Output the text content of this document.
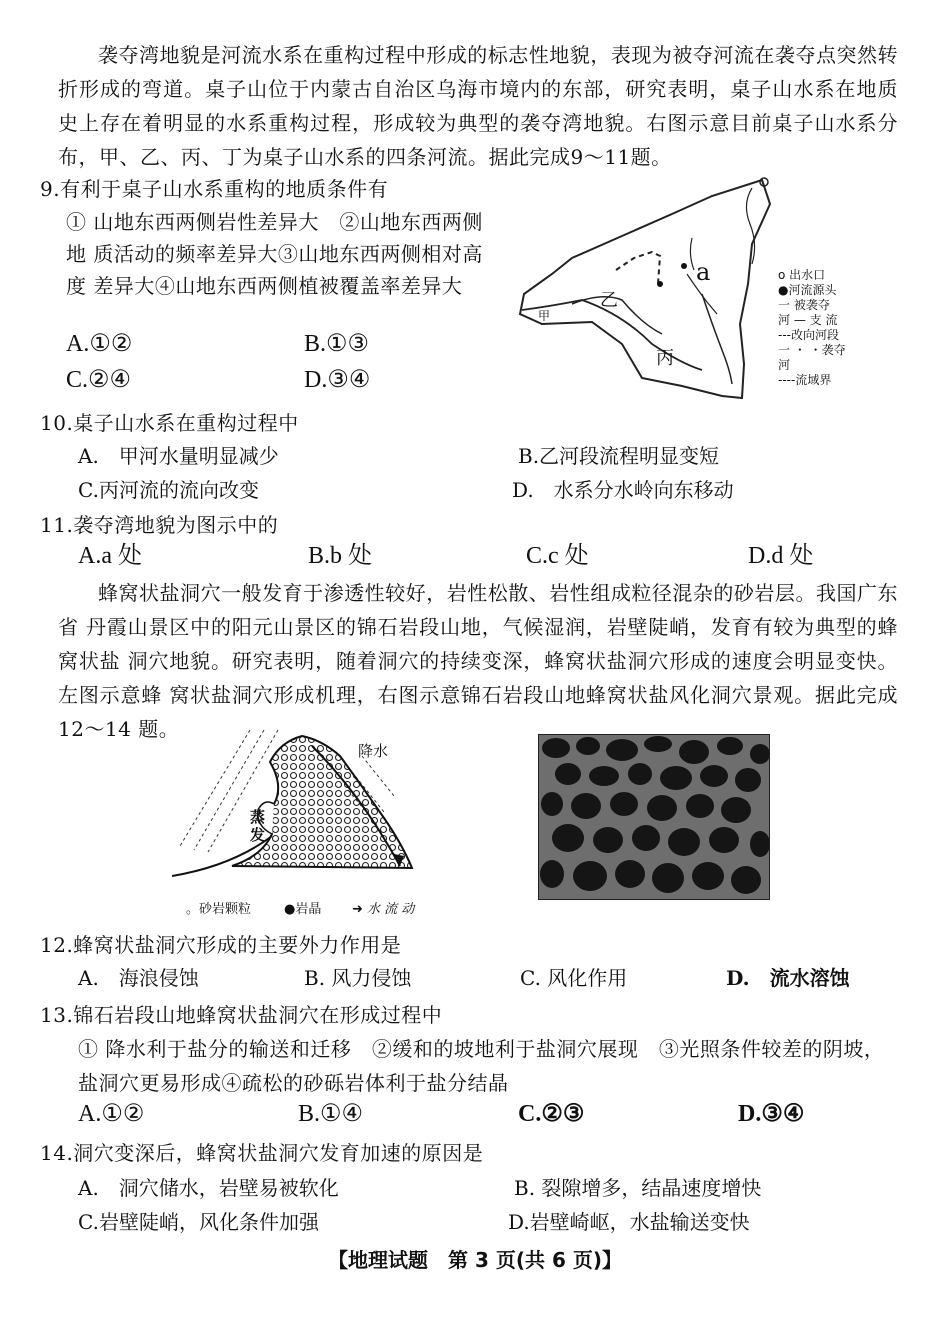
袭夺湾地貌是河流水系在重构过程中形成的标志性地貌，表现为被夺河流在袭夺点突然转折形成的弯道。桌子山位于内蒙古自治区乌海市境内的东部，研究表明，桌子山水系在地质史上存在着明显的水系重构过程，形成较为典型的袭夺湾地貌。右图示意目前桌子山水系分布，甲、乙、丙、丁为桌子山水系的四条河流。据此完成9～11题。
9.有利于桌子山水系重构的地质条件有
① 山地东西两侧岩性差异大　②山地东西两侧地 质活动的频率差异大③山地东西两侧相对高度 差异大④山地东西两侧植被覆盖率差异大
A.①②	B.①③
C.②④	D.③④
乙
甲
丙
a	o 出水口
●河流源头
一 被袭夺
河 — 支 流
---改向河段
一 ・ ・袭夺
河
----流域界
10.桌子山水系在重构过程中
A.　甲河水量明显减少	B.乙河段流程明显变短
C.丙河流的流向改变	D.　水系分水岭向东移动
11.袭夺湾地貌为图示中的
A.a 处	B.b 处	C.c 处	D.d 处
蜂窝状盐洞穴一般发育于渗透性较好，岩性松散、岩性组成粒径混杂的砂岩层。我国广东省 丹霞山景区中的阳元山景区的锦石岩段山地，气候湿润，岩壁陡峭，发育有较为典型的蜂窝状盐 洞穴地貌。研究表明，随着洞穴的持续变深，蜂窝状盐洞穴形成的速度会明显变快。左图示意蜂 窝状盐洞穴形成机理，右图示意锦石岩段山地蜂窝状盐风化洞穴景观。据此完成 12～14 题。
降水
蒸
发
。砂岩颗粒	●岩晶 ➜ 水 流 动
12.蜂窝状盐洞穴形成的主要外力作用是
A.　海浪侵蚀	B. 风力侵蚀	C. 风化作用	D.　流水溶蚀
13.锦石岩段山地蜂窝状盐洞穴在形成过程中
① 降水利于盐分的输送和迁移　②缓和的坡地利于盐洞穴展现　③光照条件较差的阴坡，盐洞穴更易形成④疏松的砂砾岩体利于盐分结晶
A.①②	B.①④	C.②③	D.③④
14.洞穴变深后，蜂窝状盐洞穴发育加速的原因是
A.　洞穴储水，岩壁易被软化	B. 裂隙增多，结晶速度增快
C.岩壁陡峭，风化条件加强	D.岩壁崎岖，水盐输送变快
【地理试题　第 3 页(共 6 页)】
